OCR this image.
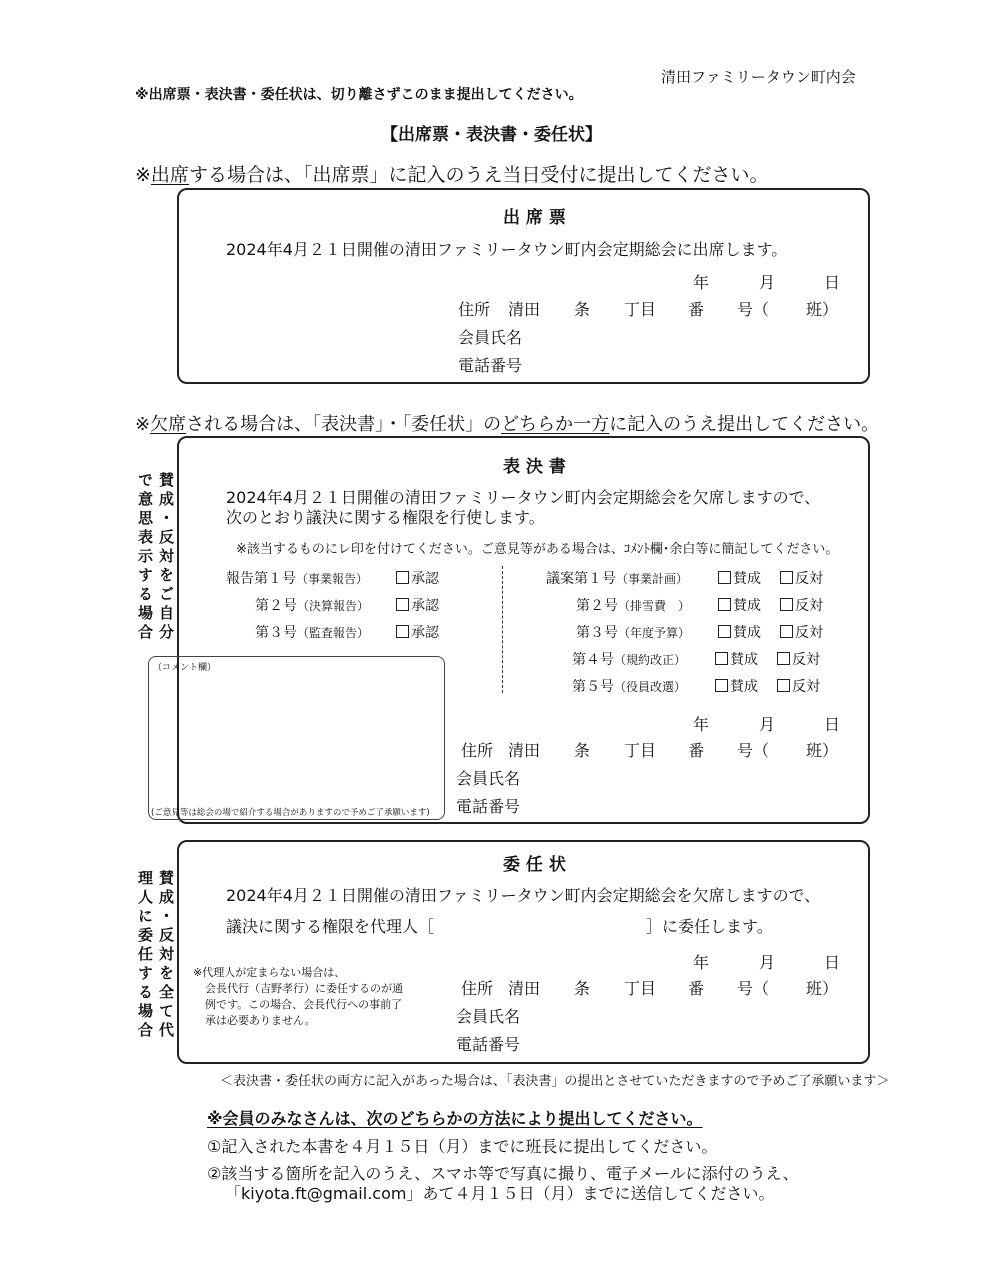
清田ファミリータウン町内会
※出席票・表決書・委任状は、切り離さずこのまま提出してください。
【出席票・表決書・委任状】
※出席する場合は、「出席票」に記入のうえ当日受付に提出してください。
出 席 票
2024年4月２１日開催の清田ファミリータウン町内会定期総会に出席します。
年	月	日
住所 清田 条 丁目 番 号（ 班）
会員氏名
電話番号
※欠席される場合は、「表決書」・「委任状」のどちらか一方に記入のうえ提出してください。
賛成・反対をご自分
で意思表示する場合
表 決 書
2024年4月２１日開催の清田ファミリータウン町内会定期総会を欠席しますので、
次のとおり議決に関する権限を行使します。
※該当するものにレ印を付けてください。ご意見等がある場合は、ｺﾒﾝﾄ欄･余白等に簡記してください。
報告第１号（事業報告）	承認
第２号（決算報告）	承認
第３号（監査報告）	承認
議案第１号（事業計画）	賛成	反対
第２号（排雪費　）	賛成	反対
第３号（年度予算）	賛成	反対
第４号（規約改正）	賛成	反対
第５号（役員改選）	賛成	反対
（コメント欄）
(ご意見等は総会の場で紹介する場合がありますので予めご了承願います)
年	月	日
住所 清田 条 丁目 番 号（ 班）
会員氏名
電話番号
賛成・反対を全て代
理人に委任する場合
委 任 状
2024年4月２１日開催の清田ファミリータウン町内会定期総会を欠席しますので、
議決に関する権限を代理人［	］に委任します。
※代理人が定まらない場合は、
会長代行（吉野孝行）に委任するのが通
例です。この場合、会長代行への事前了
承は必要ありません。
年	月	日
住所 清田 条 丁目 番 号（ 班）
会員氏名
電話番号
＜表決書・委任状の両方に記入があった場合は、「表決書」の提出とさせていただきますので予めご了承願います＞
※会員のみなさんは、次のどちらかの方法により提出してください。
①記入された本書を４月１５日（月）までに班長に提出してください。
②該当する箇所を記入のうえ、スマホ等で写真に撮り、電子メールに添付のうえ、
「kiyota.ft@gmail.com」あて４月１５日（月）までに送信してください。
